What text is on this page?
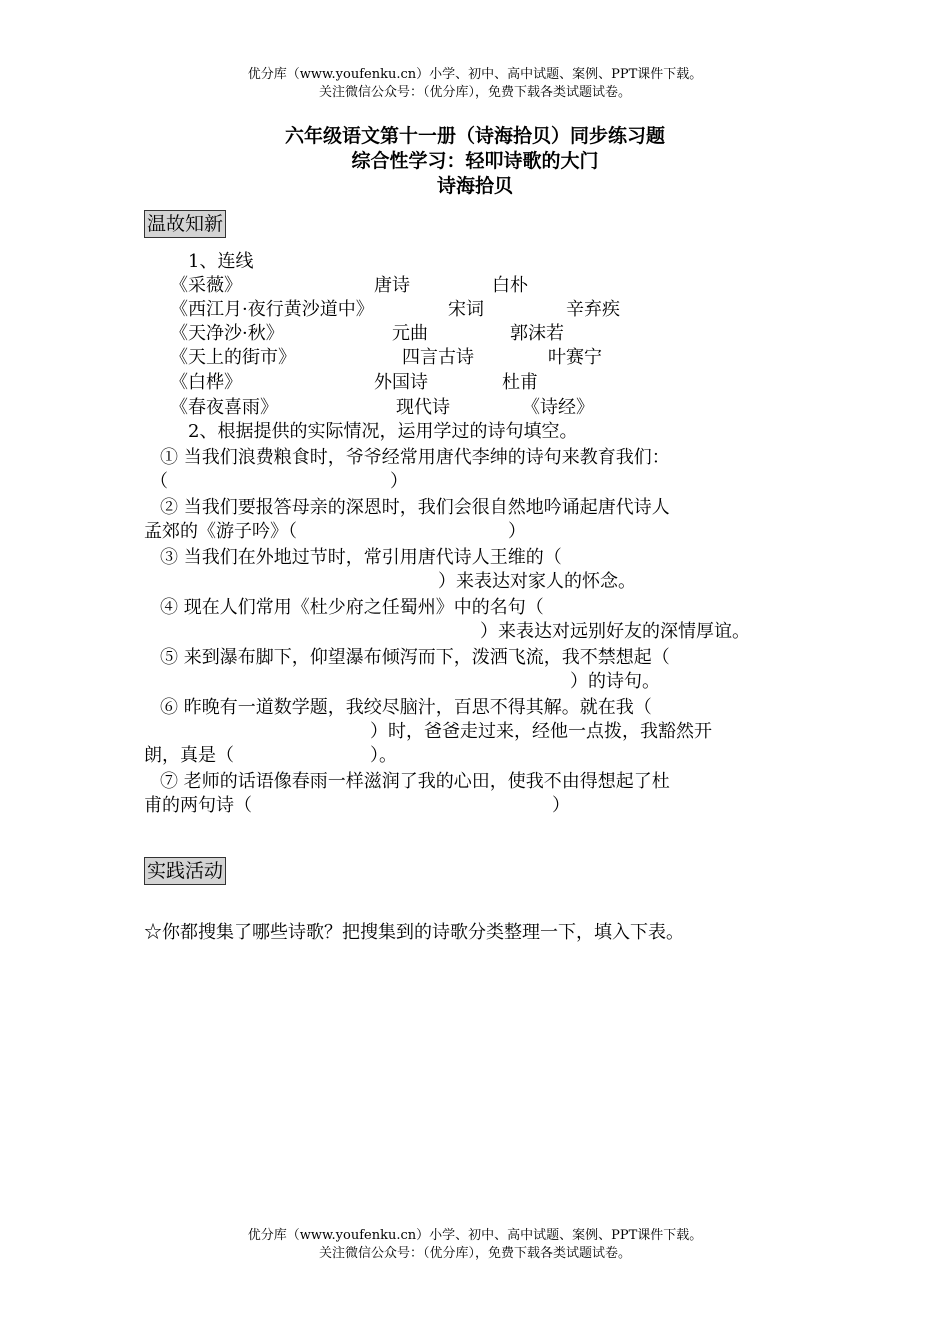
优分库（www.youfenku.cn）小学、初中、高中试题、案例、PPT课件下载。
关注微信公众号：（优分库），免费下载各类试题试卷。
六年级语文第十一册（诗海拾贝）同步练习题
综合性学习：轻叩诗歌的大门
诗海拾贝
温故知新
1、连线
《采薇》	唐诗	白朴
《西江月·夜行黄沙道中》	宋词	辛弃疾
《天净沙·秋》	元曲	郭沫若
《天上的街市》	四言古诗	叶赛宁
《白桦》	外国诗	杜甫
《春夜喜雨》	现代诗	《诗经》
2、根据提供的实际情况，运用学过的诗句填空。
① 当我们浪费粮食时，爷爷经常用唐代李绅的诗句来教育我们：
（	）
② 当我们要报答母亲的深恩时，我们会很自然地吟诵起唐代诗人
孟郊的《游子吟》（	）
③ 当我们在外地过节时，常引用唐代诗人王维的（
）来表达对家人的怀念。
④ 现在人们常用《杜少府之任蜀州》中的名句（
）来表达对远别好友的深情厚谊。
⑤ 来到瀑布脚下，仰望瀑布倾泻而下，泼洒飞流，我不禁想起（
）的诗句。
⑥ 昨晚有一道数学题，我绞尽脑汁，百思不得其解。就在我（
）时，爸爸走过来，经他一点拨，我豁然开
朗，真是（	）。
⑦ 老师的话语像春雨一样滋润了我的心田，使我不由得想起了杜
甫的两句诗（	）
实践活动
☆你都搜集了哪些诗歌？把搜集到的诗歌分类整理一下，填入下表。
优分库（www.youfenku.cn）小学、初中、高中试题、案例、PPT课件下载。
关注微信公众号：（优分库），免费下载各类试题试卷。
